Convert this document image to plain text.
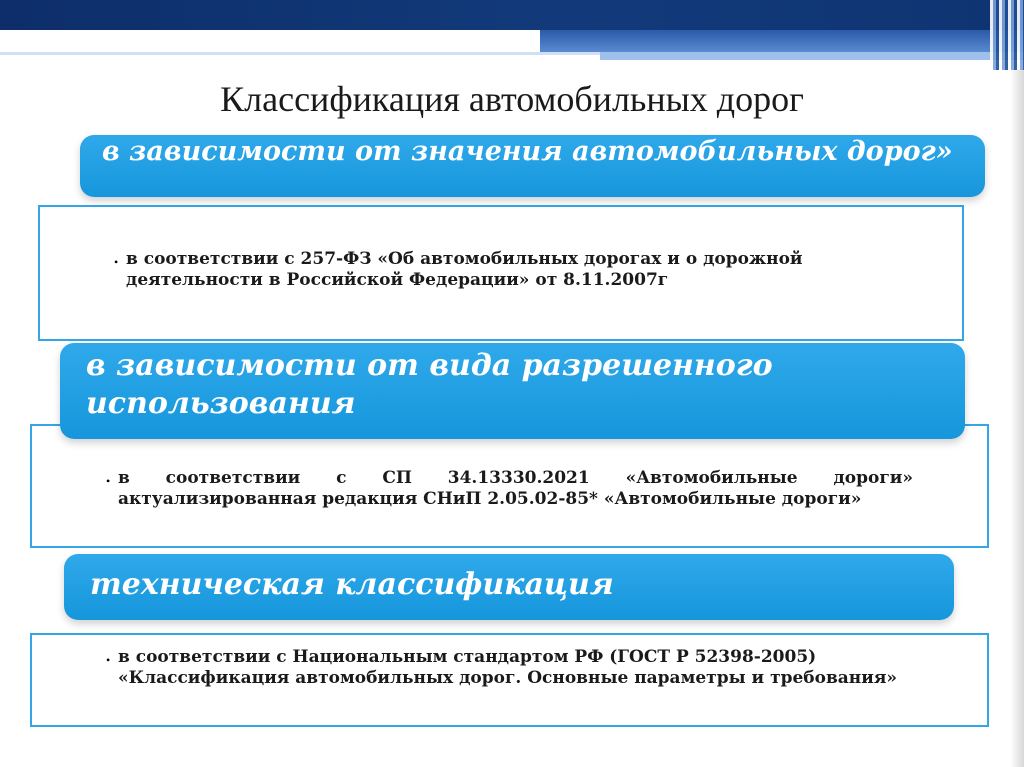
Классификация автомобильных дорог
• в соответствии с 257-ФЗ «Об автомобильных дорогах и о дорожной деятельности в Российской Федерации» от 8.11.2007г
в зависимости от значения автомобильных дорог»
• в соответствии с СП 34.13330.2021 «Автомобильные дороги» актуализированная редакция СНиП 2.05.02-85* «Автомобильные дороги»
в зависимости от вида разрешенного использования
• в соответствии с Национальным стандартом РФ (ГОСТ Р 52398-2005) «Классификация автомобильных дорог. Основные параметры и требования»
техническая классификация
